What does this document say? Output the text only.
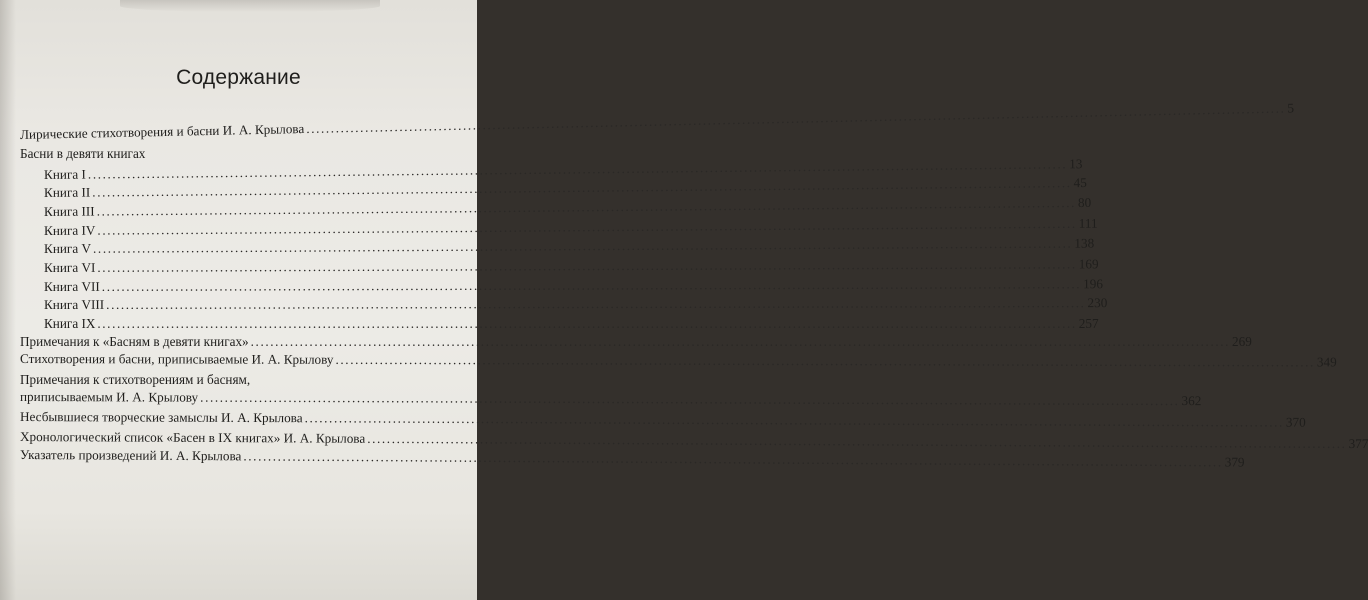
Содержание
Лирические стихотворения и басни И. А. Крылова ........................................................................................................................................................................................................ 5
Басни в девяти книгах
Книга I ........................................................................................................................................................................................................ 13
Книга II ........................................................................................................................................................................................................ 45
Книга III ........................................................................................................................................................................................................ 80
Книга IV ........................................................................................................................................................................................................ 111
Книга V ........................................................................................................................................................................................................ 138
Книга VI ........................................................................................................................................................................................................ 169
Книга VII ........................................................................................................................................................................................................ 196
Книга VIII ........................................................................................................................................................................................................ 230
Книга IX ........................................................................................................................................................................................................ 257
Примечания к «Басням в девяти книгах» ........................................................................................................................................................................................................ 269
Стихотворения и басни, приписываемые И. А. Крылову ........................................................................................................................................................................................................ 349
Примечания к стихотворениям и басням,
приписываемым И. А. Крылову ........................................................................................................................................................................................................ 362
Несбывшиеся творческие замыслы И. А. Крылова ........................................................................................................................................................................................................ 370
Хронологический список «Басен в IX книгах» И. А. Крылова ........................................................................................................................................................................................................ 377
Указатель произведений И. А. Крылова ........................................................................................................................................................................................................ 379
